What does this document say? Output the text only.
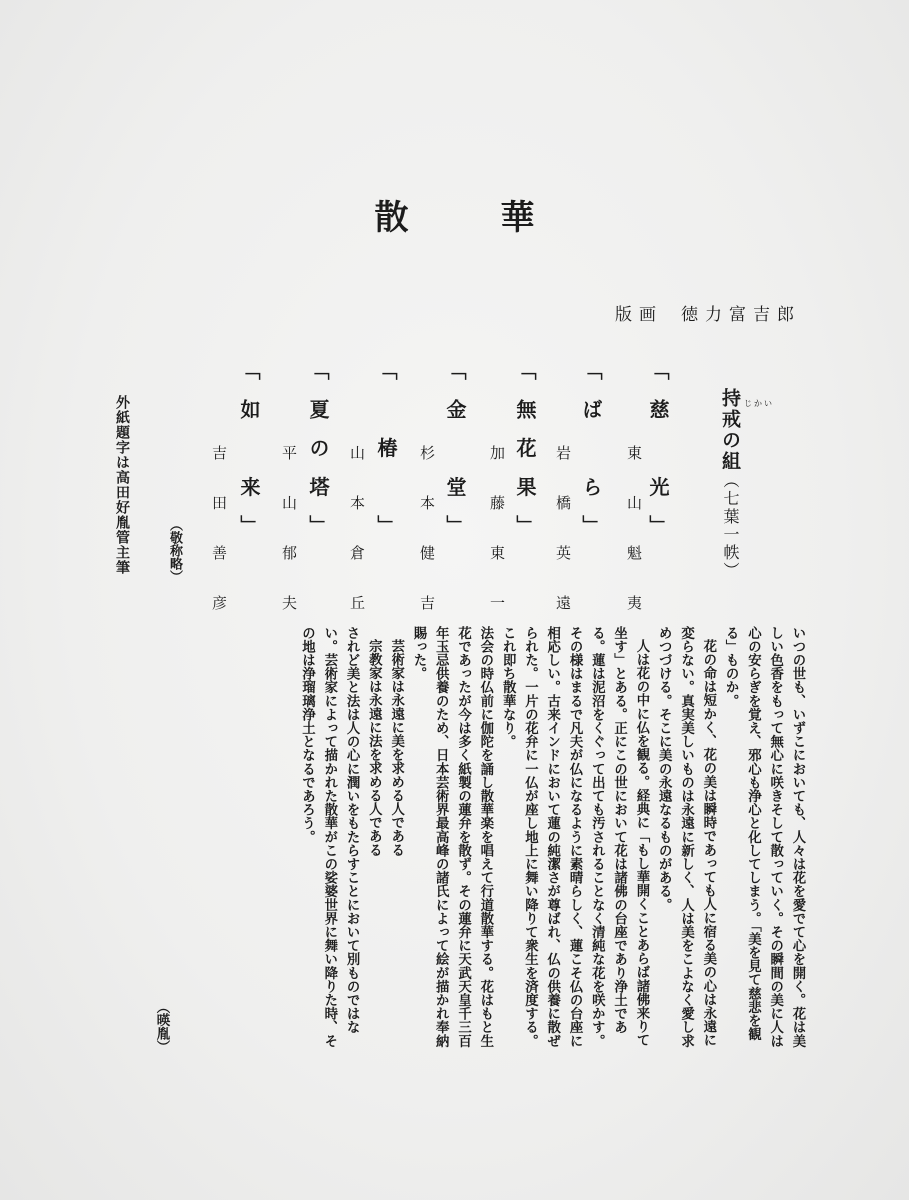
散	華
版画 徳力富吉郎
じかい
持戒の組（七葉一帙）
「慈　光」
東山魁夷
「ば　ら」
岩橋英遠
「無花果」
加藤東一
「金　堂」
杉本健吉
「　椿　」
山本倉丘
「夏の塔」
平山郁夫
「如　来」
吉田善彦
（敬称略）
外紙題字は高田好胤管主筆

いつの世も、いずこにおいても、人々は花を愛でて心を開く。花は美しい色香をもって無心に咲きそして散っていく。その瞬間の美に人は心の安らぎを覚え、邪心も浄心と化してしまう。「美を見て慈悲を観る」ものか。

花の命は短かく、花の美は瞬時であっても人に宿る美の心は永遠に変らない。真実美しいものは永遠に新しく、人は美をこよなく愛し求めつづける。そこに美の永遠なるものがある。

人は花の中に仏を観る。経典に「もし華開くことあらば諸佛来りて坐す」とある。正にこの世において花は諸佛の台座であり浄土である。蓮は泥沼をくぐって出ても汚されることなく清純な花を咲かす。その様はまるで凡夫が仏になるように素晴らしく、蓮こそ仏の台座に相応しい。古来インドにおいて蓮の純潔さが尊ばれ、仏の供養に散ぜられた。一片の花弁に一仏が座し地上に舞い降りて衆生を済度する。これ即ち散華なり。

法会の時仏前に伽陀を誦し散華楽を唱えて行道散華する。花はもと生花であったが今は多く紙製の蓮弁を散ず。その蓮弁に天武天皇千三百年玉忌供養のため、日本芸術界最高峰の諸氏によって絵が描かれ奉納賜った。

芸術家は永遠に美を求める人である

宗教家は永遠に法を求める人である

されど美と法は人の心に潤いをもたらすことにおいて別ものではない。芸術家によって描かれた散華がこの娑婆世界に舞い降りた時、その地は浄瑠璃浄土となるであろう。

（暎胤）
